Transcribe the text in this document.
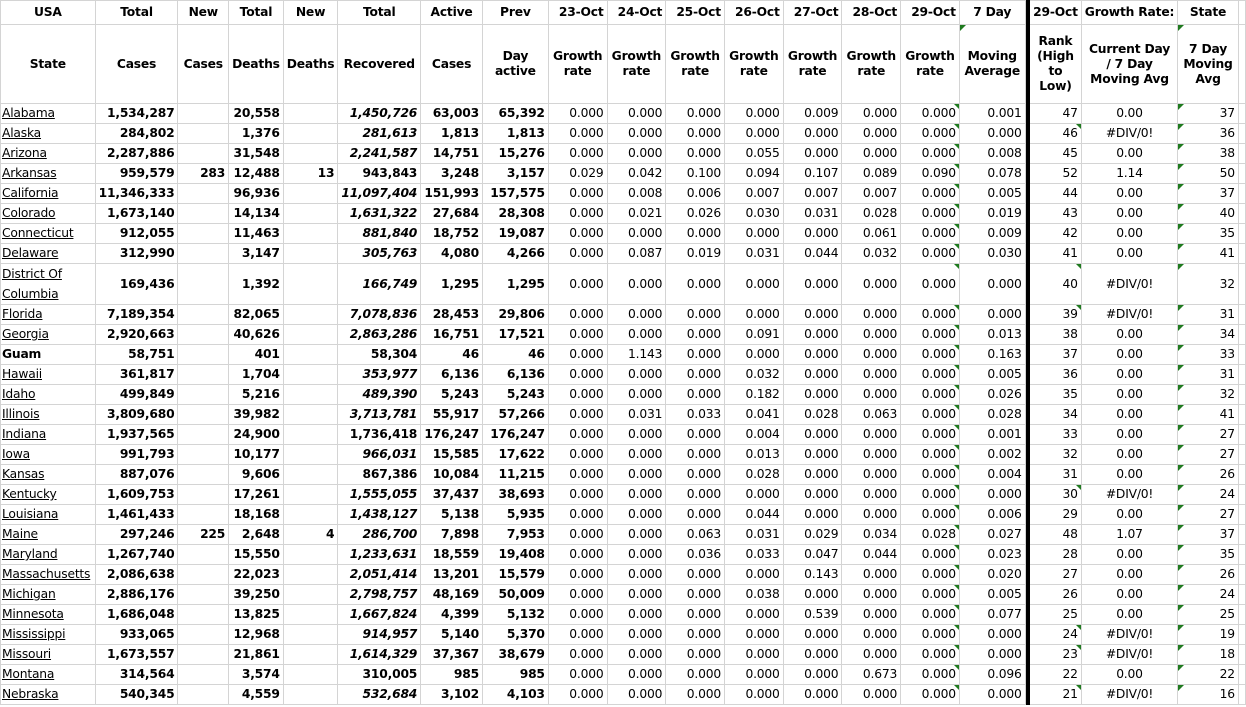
USA	Total	New	Total	New	Total	Active	Prev	23-Oct	24-Oct	25-Oct	26-Oct	27-Oct	28-Oct	29-Oct	7 Day		29-Oct	Growth Rate:	State	
State	Cases	Cases	Deaths	Deaths	Recovered	Cases	Day active	Growth rate	Growth rate	Growth rate	Growth rate	Growth rate	Growth rate	Growth rate	Moving Average		Rank (High to Low)	Current Day / 7 Day Moving Avg	7 Day Moving Avg	
Alabama	1,534,287		20,558		1,450,726	63,003	65,392	0.000	0.000	0.000	0.000	0.009	0.000	0.000	0.001		47	0.00	37	
Alaska	284,802		1,376		281,613	1,813	1,813	0.000	0.000	0.000	0.000	0.000	0.000	0.000	0.000		46	#DIV/0!	36	
Arizona	2,287,886		31,548		2,241,587	14,751	15,276	0.000	0.000	0.000	0.055	0.000	0.000	0.000	0.008		45	0.00	38	
Arkansas	959,579	283	12,488	13	943,843	3,248	3,157	0.029	0.042	0.100	0.094	0.107	0.089	0.090	0.078		52	1.14	50	
California	11,346,333		96,936		11,097,404	151,993	157,575	0.000	0.008	0.006	0.007	0.007	0.007	0.000	0.005		44	0.00	37	
Colorado	1,673,140		14,134		1,631,322	27,684	28,308	0.000	0.021	0.026	0.030	0.031	0.028	0.000	0.019		43	0.00	40	
Connecticut	912,055		11,463		881,840	18,752	19,087	0.000	0.000	0.000	0.000	0.000	0.061	0.000	0.009		42	0.00	35	
Delaware	312,990		3,147		305,763	4,080	4,266	0.000	0.087	0.019	0.031	0.044	0.032	0.000	0.030		41	0.00	41	
District Of Columbia	169,436		1,392		166,749	1,295	1,295	0.000	0.000	0.000	0.000	0.000	0.000	0.000	0.000		40	#DIV/0!	32	
Florida	7,189,354		82,065		7,078,836	28,453	29,806	0.000	0.000	0.000	0.000	0.000	0.000	0.000	0.000		39	#DIV/0!	31	
Georgia	2,920,663		40,626		2,863,286	16,751	17,521	0.000	0.000	0.000	0.091	0.000	0.000	0.000	0.013		38	0.00	34	
Guam	58,751		401		58,304	46	46	0.000	1.143	0.000	0.000	0.000	0.000	0.000	0.163		37	0.00	33	
Hawaii	361,817		1,704		353,977	6,136	6,136	0.000	0.000	0.000	0.032	0.000	0.000	0.000	0.005		36	0.00	31	
Idaho	499,849		5,216		489,390	5,243	5,243	0.000	0.000	0.000	0.182	0.000	0.000	0.000	0.026		35	0.00	32	
Illinois	3,809,680		39,982		3,713,781	55,917	57,266	0.000	0.031	0.033	0.041	0.028	0.063	0.000	0.028		34	0.00	41	
Indiana	1,937,565		24,900		1,736,418	176,247	176,247	0.000	0.000	0.000	0.004	0.000	0.000	0.000	0.001		33	0.00	27	
Iowa	991,793		10,177		966,031	15,585	17,622	0.000	0.000	0.000	0.013	0.000	0.000	0.000	0.002		32	0.00	27	
Kansas	887,076		9,606		867,386	10,084	11,215	0.000	0.000	0.000	0.028	0.000	0.000	0.000	0.004		31	0.00	26	
Kentucky	1,609,753		17,261		1,555,055	37,437	38,693	0.000	0.000	0.000	0.000	0.000	0.000	0.000	0.000		30	#DIV/0!	24	
Louisiana	1,461,433		18,168		1,438,127	5,138	5,935	0.000	0.000	0.000	0.044	0.000	0.000	0.000	0.006		29	0.00	27	
Maine	297,246	225	2,648	4	286,700	7,898	7,953	0.000	0.000	0.063	0.031	0.029	0.034	0.028	0.027		48	1.07	37	
Maryland	1,267,740		15,550		1,233,631	18,559	19,408	0.000	0.000	0.036	0.033	0.047	0.044	0.000	0.023		28	0.00	35	
Massachusetts	2,086,638		22,023		2,051,414	13,201	15,579	0.000	0.000	0.000	0.000	0.143	0.000	0.000	0.020		27	0.00	26	
Michigan	2,886,176		39,250		2,798,757	48,169	50,009	0.000	0.000	0.000	0.038	0.000	0.000	0.000	0.005		26	0.00	24	
Minnesota	1,686,048		13,825		1,667,824	4,399	5,132	0.000	0.000	0.000	0.000	0.539	0.000	0.000	0.077		25	0.00	25	
Mississippi	933,065		12,968		914,957	5,140	5,370	0.000	0.000	0.000	0.000	0.000	0.000	0.000	0.000		24	#DIV/0!	19	
Missouri	1,673,557		21,861		1,614,329	37,367	38,679	0.000	0.000	0.000	0.000	0.000	0.000	0.000	0.000		23	#DIV/0!	18	
Montana	314,564		3,574		310,005	985	985	0.000	0.000	0.000	0.000	0.000	0.673	0.000	0.096		22	0.00	22	
Nebraska	540,345		4,559		532,684	3,102	4,103	0.000	0.000	0.000	0.000	0.000	0.000	0.000	0.000		21	#DIV/0!	16	
